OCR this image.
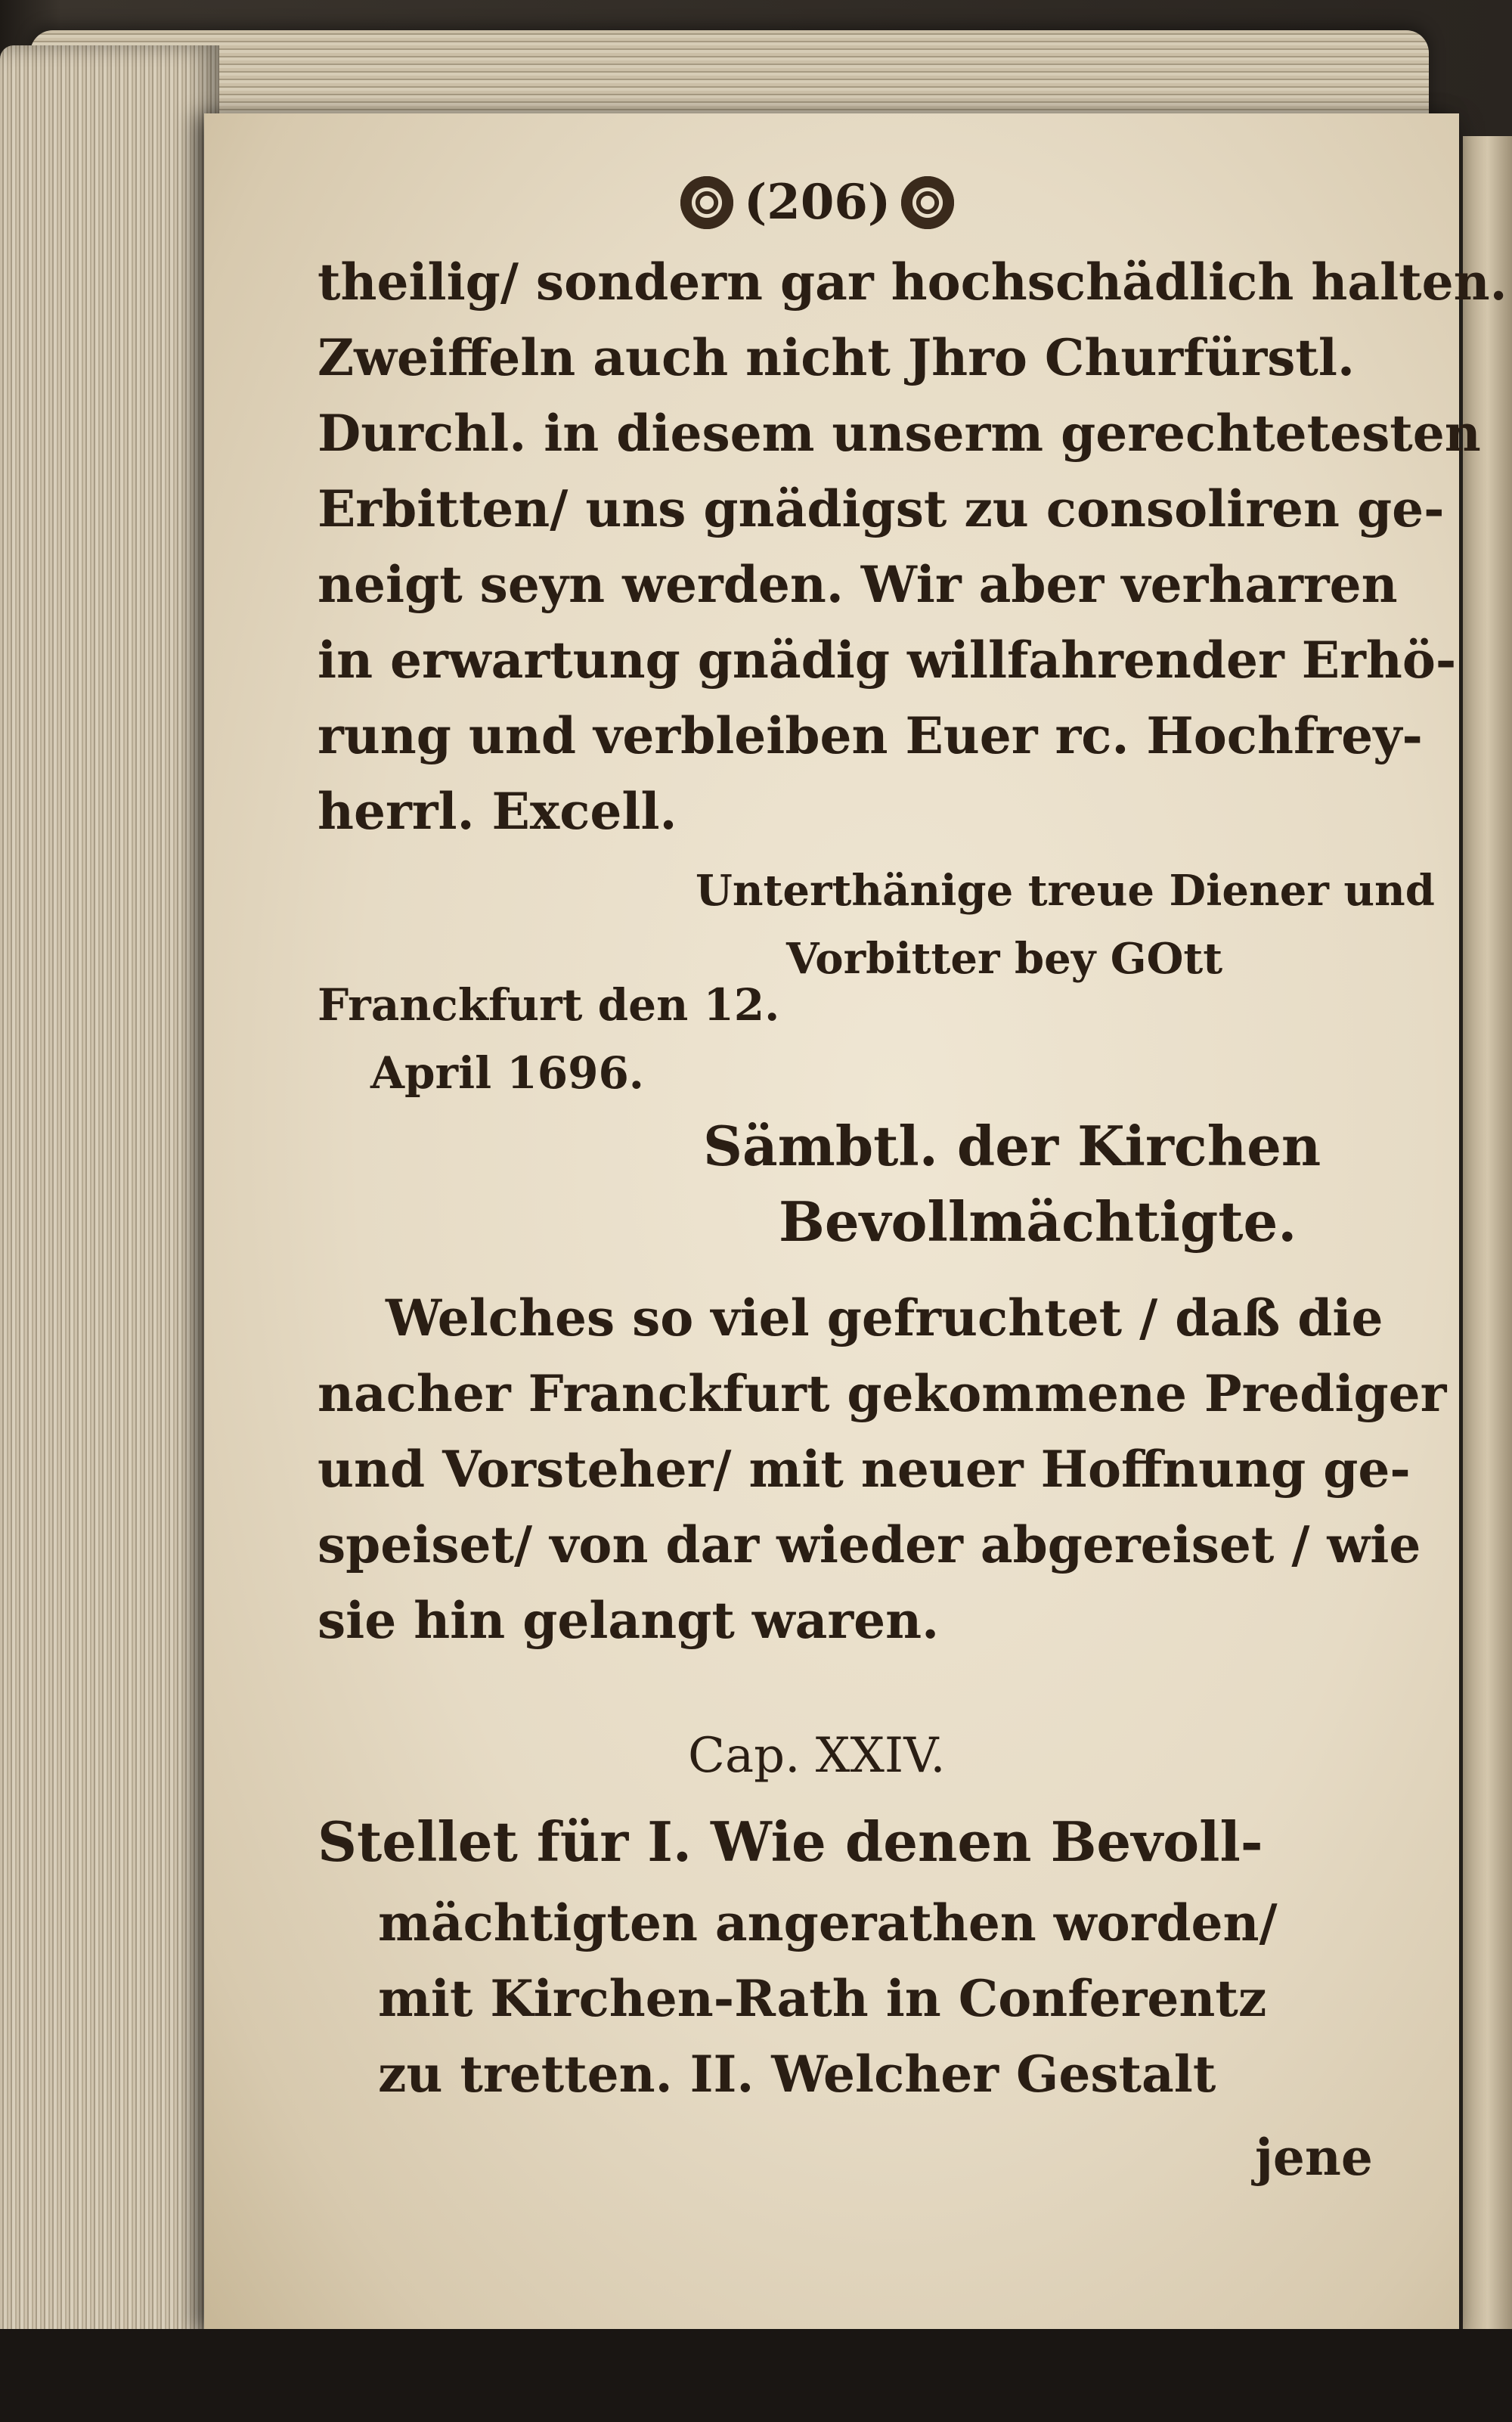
(206)
theilig/ sondern gar hochschädlich halten.
Zweiffeln auch nicht Jhro Churfürstl.
Durchl. in diesem unserm gerechtetesten
Erbitten/ uns gnädigst zu consoliren ge-
neigt seyn werden. Wir aber verharren
in erwartung gnädig willfahrender Erhö-
rung und verbleiben Euer rc. Hochfrey-
herrl. Excell.
Unterthänige treue Diener und
Vorbitter bey GOtt
Franckfurt den 12.
April 1696.
Sämbtl. der Kirchen
Bevollmächtigte.
Welches so viel gefruchtet / daß die
nacher Franckfurt gekommene Prediger
und Vorsteher/ mit neuer Hoffnung ge-
speiset/ von dar wieder abgereiset / wie
sie hin gelangt waren.
Cap. XXIV.
Stellet für I. Wie denen Bevoll-
mächtigten angerathen worden/
mit Kirchen-Rath in Conferentz
zu tretten. II. Welcher Gestalt
jene
